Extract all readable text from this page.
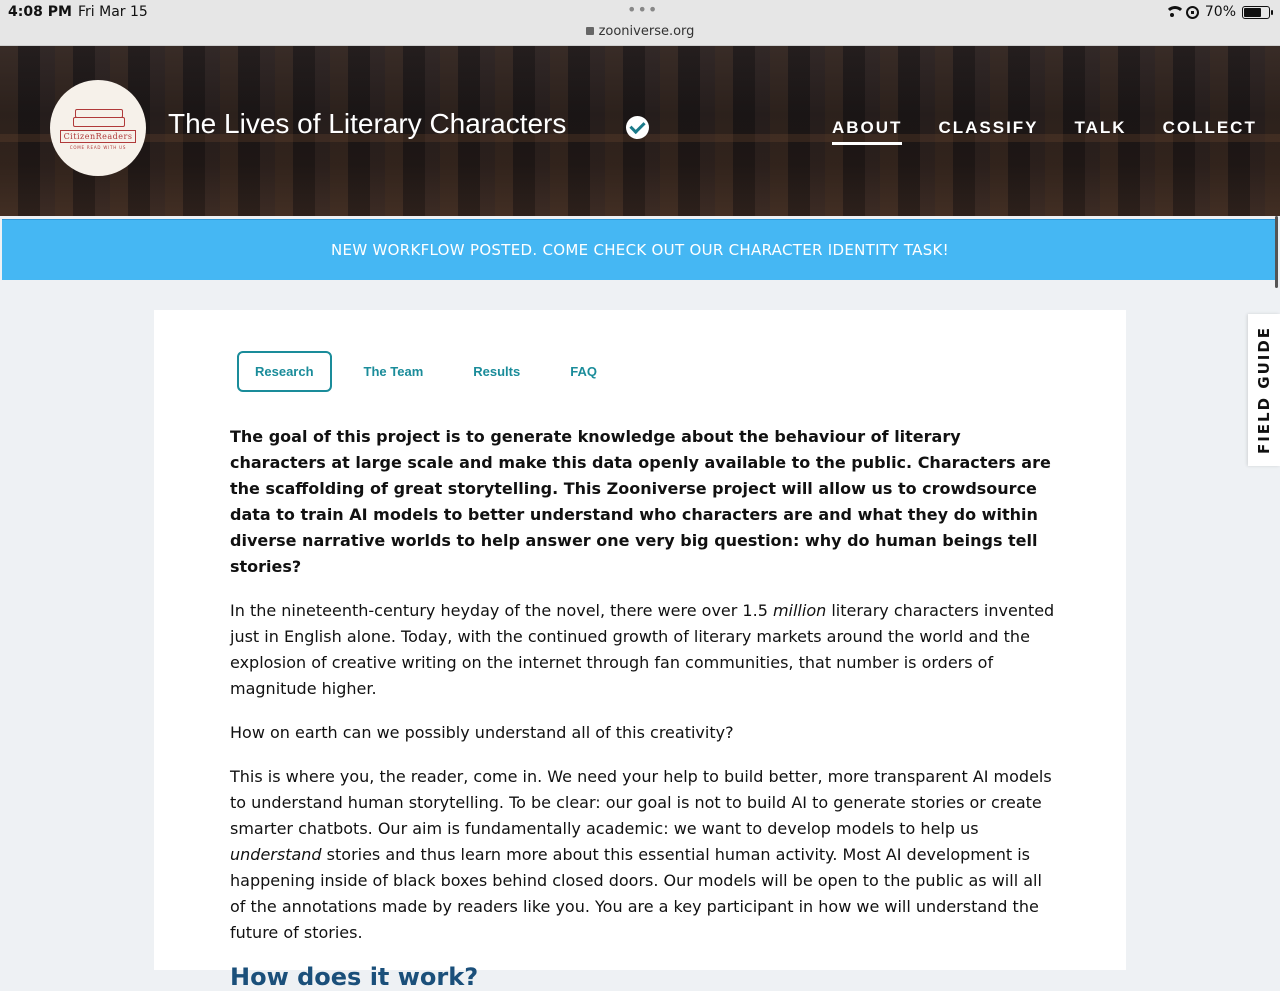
4:08 PM Fri Mar 15	•••
zooniverse.org
70%
CitizenReaders
COME READ WITH US
The Lives of Literary Characters	ABOUT CLASSIFY TALK COLLECT
NEW WORKFLOW POSTED. COME CHECK OUT OUR CHARACTER IDENTITY TASK!
FIELD GUIDE
Research	The Team	Results	FAQ

The goal of this project is to generate knowledge about the behaviour of literary characters at large scale and make this data openly available to the public. Characters are the scaffolding of great storytelling. This Zooniverse project will allow us to crowdsource data to train AI models to better understand who characters are and what they do within diverse narrative worlds to help answer one very big question: why do human beings tell stories?

In the nineteenth-century heyday of the novel, there were over 1.5 million literary characters invented just in English alone. Today, with the continued growth of literary markets around the world and the explosion of creative writing on the internet through fan communities, that number is orders of magnitude higher.

How on earth can we possibly understand all of this creativity?

This is where you, the reader, come in. We need your help to build better, more transparent AI models to understand human storytelling. To be clear: our goal is not to build AI to generate stories or create smarter chatbots. Our aim is fundamentally academic: we want to develop models to help us understand stories and thus learn more about this essential human activity. Most AI development is happening inside of black boxes behind closed doors. Our models will be open to the public as will all of the annotations made by readers like you. You are a key participant in how we will understand the future of stories.

How does it work?
